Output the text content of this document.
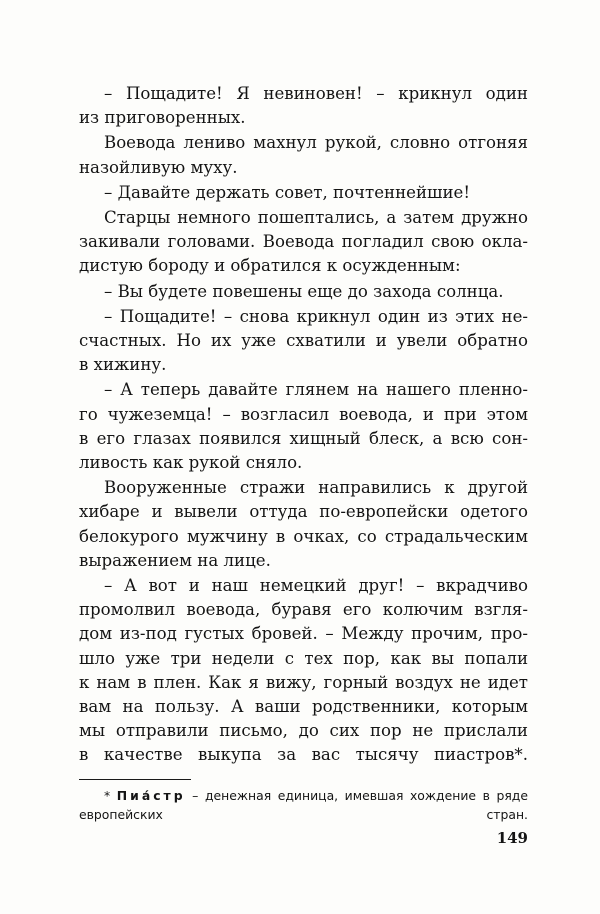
– Пощадите! Я невиновен! – крикнул один
из приговоренных.
Воевода лениво махнул рукой, словно отгоняя
назойливую муху.
– Давайте держать совет, почтеннейшие!
Старцы немного пошептались, а затем дружно
закивали головами. Воевода погладил свою окла-
дистую бороду и обратился к осужденным:
– Вы будете повешены еще до захода солнца.
– Пощадите! – снова крикнул один из этих не-
счастных. Но их уже схватили и увели обратно
в хижину.
– А теперь давайте глянем на нашего пленно-
го чужеземца! – возгласил воевода, и при этом
в его глазах появился хищный блеск, а всю сон-
ливость как рукой сняло.
Вооруженные стражи направились к другой
хибаре и вывели оттуда по-европейски одетого
белокурого мужчину в очках, со страдальческим
выражением на лице.
– А вот и наш немецкий друг! – вкрадчиво
промолвил воевода, буравя его колючим взгля-
дом из-под густых бровей. – Между прочим, про-
шло уже три недели с тех пор, как вы попали
к нам в плен. Как я вижу, горный воздух не идет
вам на пользу. А ваши родственники, которым
мы отправили письмо, до сих пор не прислали
в качестве выкупа за вас тысячу пиастров*.
* Пиа́стр – денежная единица, имевшая хождение в ряде
европейских стран.
149
